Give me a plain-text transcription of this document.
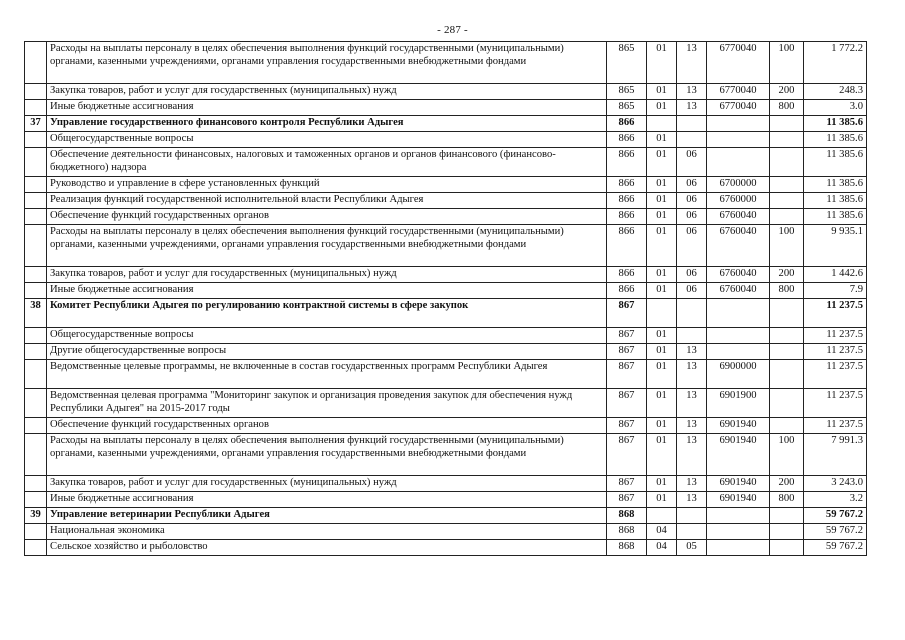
- 287 -
	Расходы на выплаты персоналу в целях обеспечения выполнения функций государственными (муниципальными) органами, казенными учреждениями, органами управления государственными внебюджетными фондами	865	01	13	6770040	100	1 772.2
	Закупка товаров, работ и услуг для государственных (муниципальных) нужд	865	01	13	6770040	200	248.3
	Иные бюджетные ассигнования	865	01	13	6770040	800	3.0
37	Управление государственного финансового контроля Республики Адыгея	866					11 385.6
	Общегосударственные вопросы	866	01				11 385.6
	Обеспечение деятельности финансовых, налоговых и таможенных органов и органов финансового (финансово-бюджетного) надзора	866	01	06			11 385.6
	Руководство и управление в сфере установленных функций	866	01	06	6700000		11 385.6
	Реализация функций государственной исполнительной власти Республики Адыгея	866	01	06	6760000		11 385.6
	Обеспечение функций государственных органов	866	01	06	6760040		11 385.6
	Расходы на выплаты персоналу в целях обеспечения выполнения функций государственными (муниципальными) органами, казенными учреждениями, органами управления государственными внебюджетными фондами	866	01	06	6760040	100	9 935.1
	Закупка товаров, работ и услуг для государственных (муниципальных) нужд	866	01	06	6760040	200	1 442.6
	Иные бюджетные ассигнования	866	01	06	6760040	800	7.9
38	Комитет Республики Адыгея по регулированию контрактной системы в сфере закупок	867					11 237.5
	Общегосударственные вопросы	867	01				11 237.5
	Другие общегосударственные вопросы	867	01	13			11 237.5
	Ведомственные целевые программы, не включенные в состав государственных программ Республики Адыгея	867	01	13	6900000		11 237.5
	Ведомственная целевая программа "Мониторинг закупок и организация проведения закупок для обеспечения нужд Республики Адыгея" на 2015-2017 годы	867	01	13	6901900		11 237.5
	Обеспечение функций государственных органов	867	01	13	6901940		11 237.5
	Расходы на выплаты персоналу в целях обеспечения выполнения функций государственными (муниципальными) органами, казенными учреждениями, органами управления государственными внебюджетными фондами	867	01	13	6901940	100	7 991.3
	Закупка товаров, работ и услуг для государственных (муниципальных) нужд	867	01	13	6901940	200	3 243.0
	Иные бюджетные ассигнования	867	01	13	6901940	800	3.2
39	Управление ветеринарии Республики Адыгея	868					59 767.2
	Национальная экономика	868	04				59 767.2
	Сельское хозяйство и рыболовство	868	04	05			59 767.2
